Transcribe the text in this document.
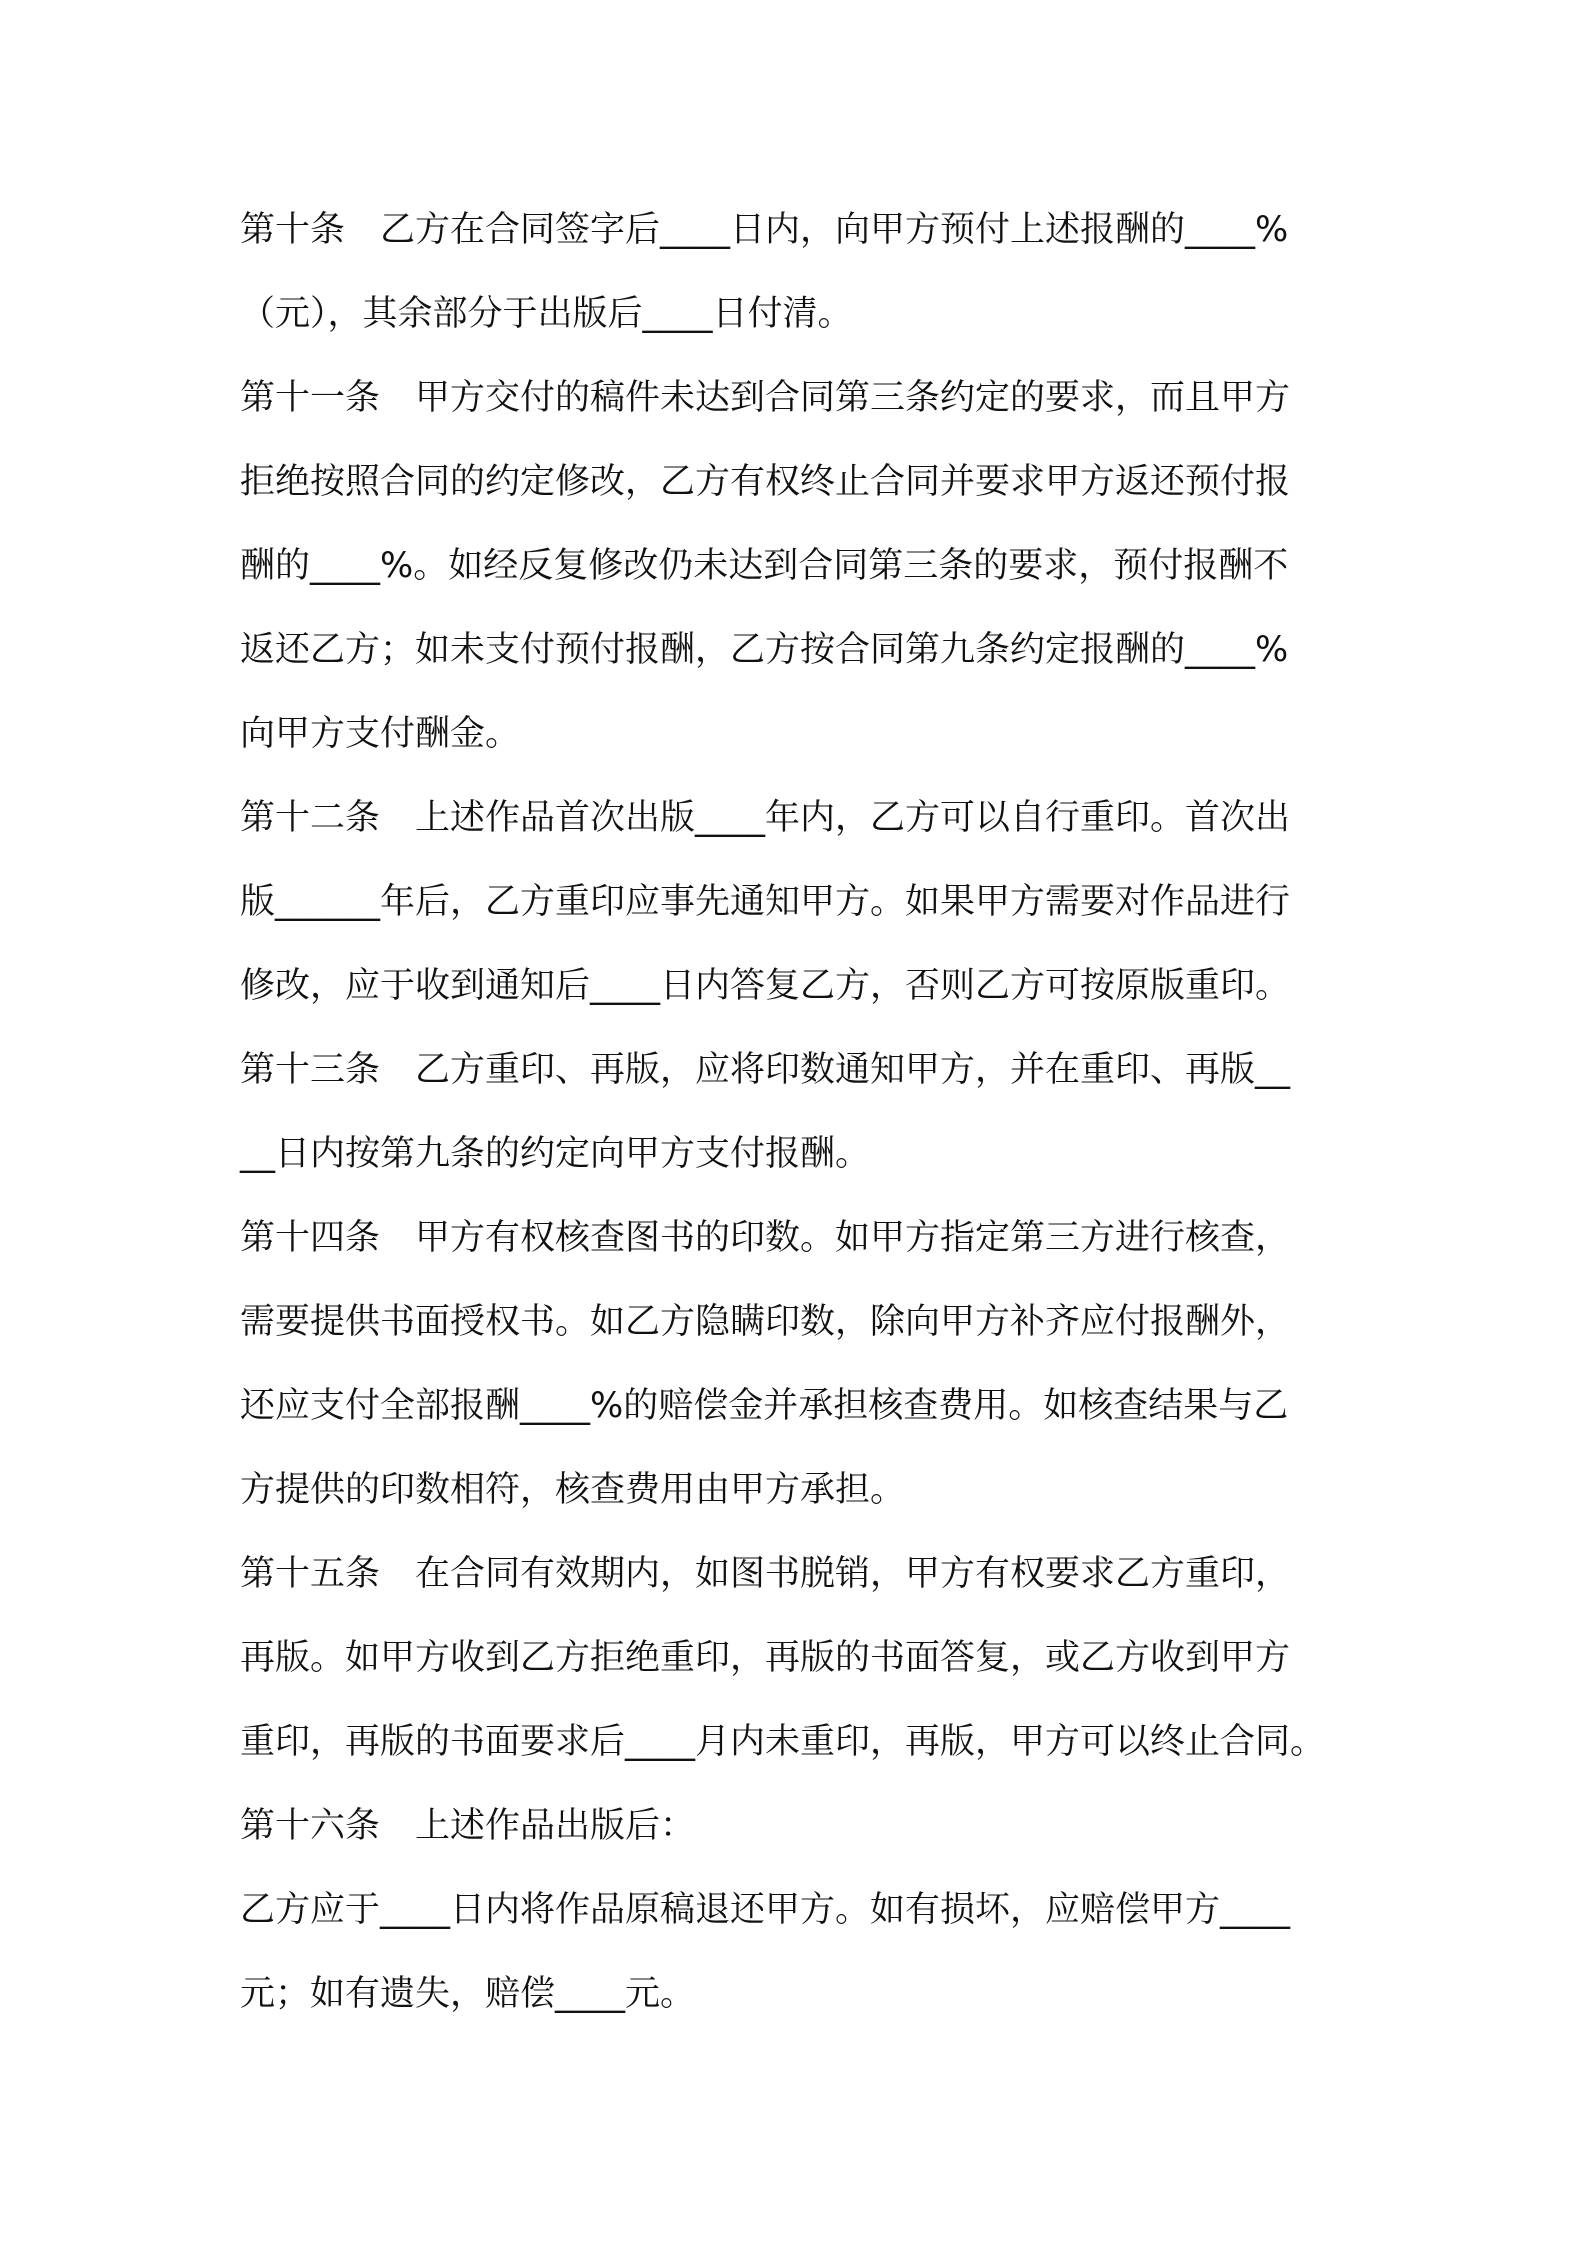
第十条　乙方在合同签字后____日内，向甲方预付上述报酬的____%
（元），其余部分于出版后____日付清。
第十一条　甲方交付的稿件未达到合同第三条约定的要求，而且甲方
拒绝按照合同的约定修改，乙方有权终止合同并要求甲方返还预付报
酬的____%。如经反复修改仍未达到合同第三条的要求，预付报酬不
返还乙方；如未支付预付报酬，乙方按合同第九条约定报酬的____%
向甲方支付酬金。
第十二条　上述作品首次出版____年内，乙方可以自行重印。首次出
版______年后，乙方重印应事先通知甲方。如果甲方需要对作品进行
修改，应于收到通知后____日内答复乙方，否则乙方可按原版重印。
第十三条　乙方重印、再版，应将印数通知甲方，并在重印、再版__
__日内按第九条的约定向甲方支付报酬。
第十四条　甲方有权核查图书的印数。如甲方指定第三方进行核查，
需要提供书面授权书。如乙方隐瞒印数，除向甲方补齐应付报酬外，
还应支付全部报酬____%的赔偿金并承担核查费用。如核查结果与乙
方提供的印数相符，核查费用由甲方承担。
第十五条　在合同有效期内，如图书脱销，甲方有权要求乙方重印，
再版。如甲方收到乙方拒绝重印，再版的书面答复，或乙方收到甲方
重印，再版的书面要求后____月内未重印，再版，甲方可以终止合同。
第十六条　上述作品出版后：
乙方应于____日内将作品原稿退还甲方。如有损坏，应赔偿甲方____
元；如有遗失，赔偿____元。
